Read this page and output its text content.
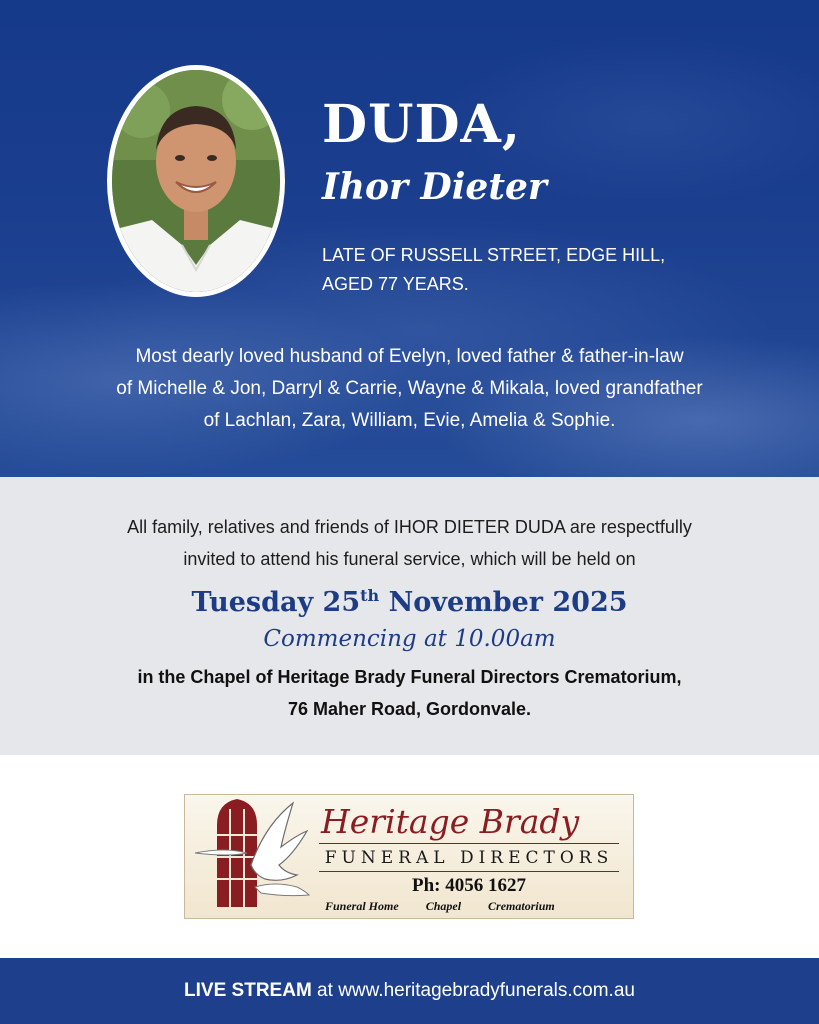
DUDA,
Ihor Dieter

LATE OF RUSSELL STREET, EDGE HILL,
AGED 77 YEARS.

Most dearly loved husband of Evelyn, loved father & father-in-law
of Michelle & Jon, Darryl & Carrie, Wayne & Mikala, loved grandfather
of Lachlan, Zara, William, Evie, Amelia & Sophie.

All family, relatives and friends of IHOR DIETER DUDA are respectfully
invited to attend his funeral service, which will be held on

Tuesday 25th November 2025

Commencing at 10.00am

in the Chapel of Heritage Brady Funeral Directors Crematorium,
76 Maher Road, Gordonvale.

Heritage Brady

FUNERAL DIRECTORS

Ph: 4056 1627

Funeral Home Chapel Crematorium

LIVE STREAM at www.heritagebradyfunerals.com.au
